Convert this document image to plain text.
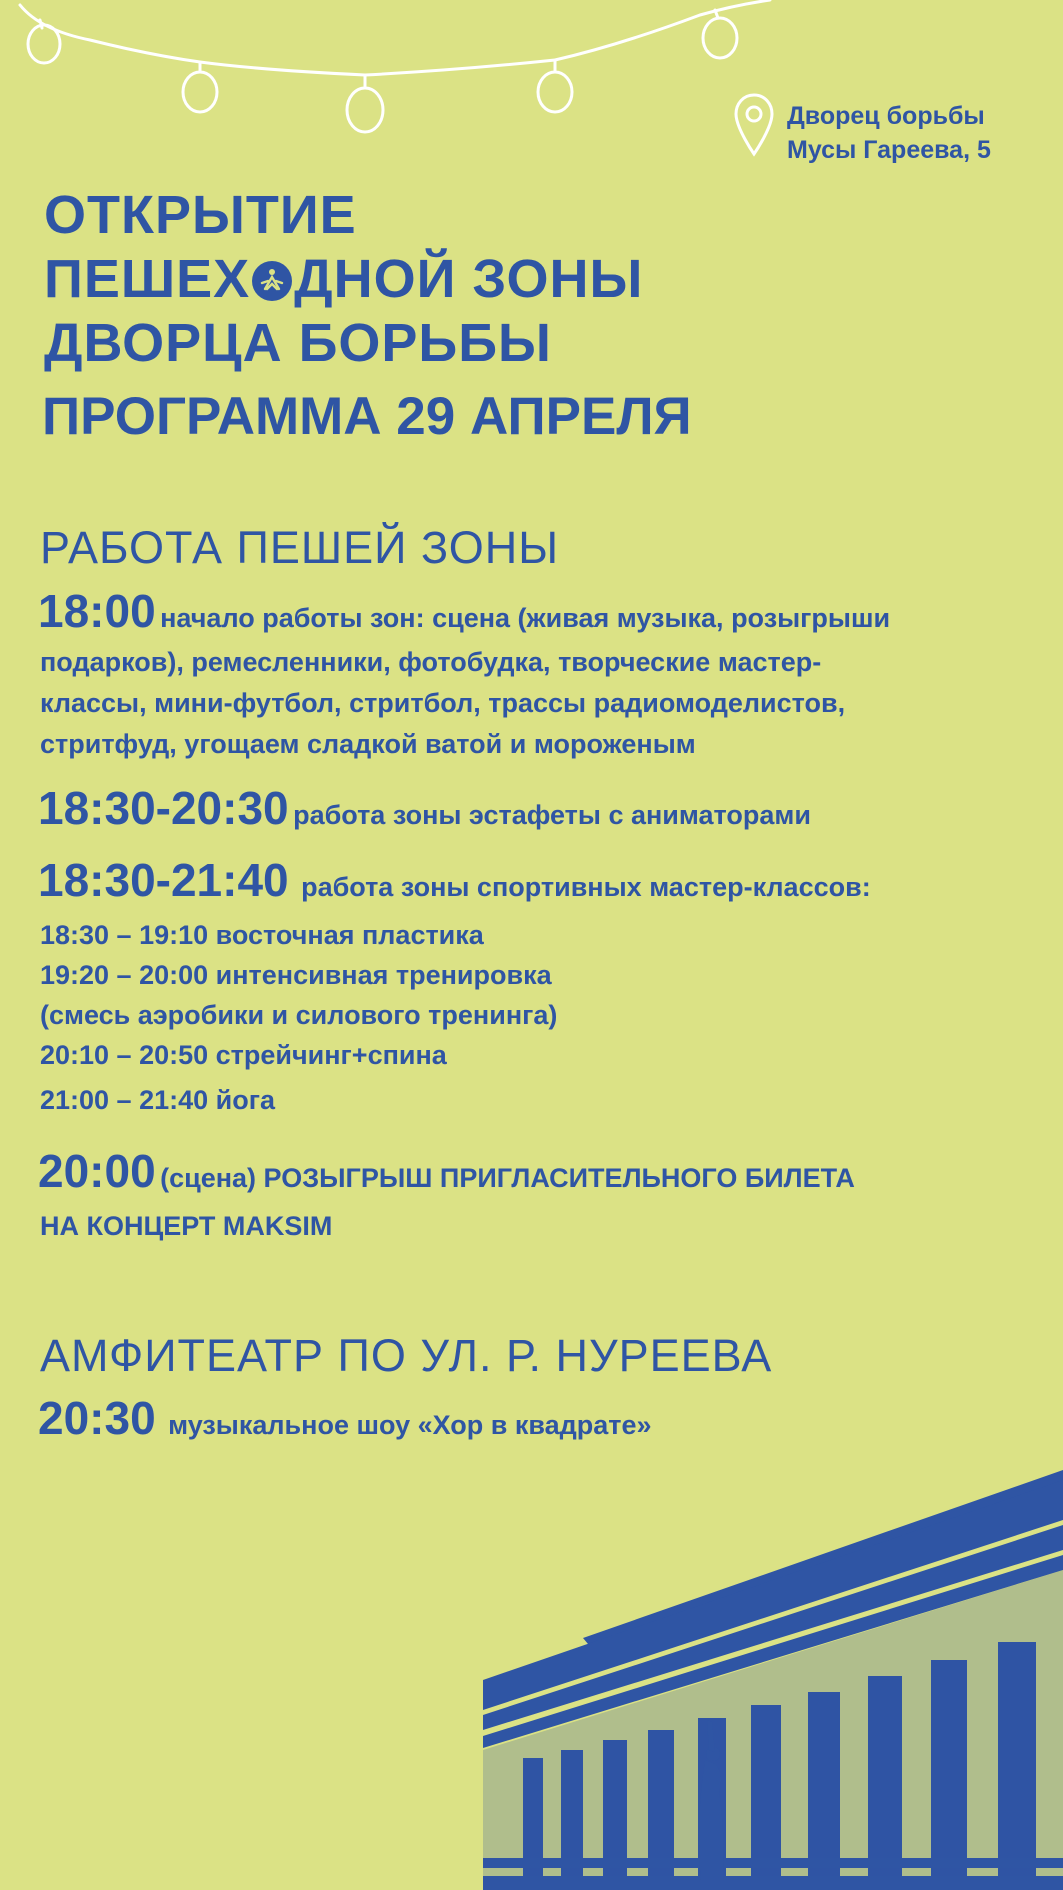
Дворец борьбы
Мусы Гареева, 5
ОТКРЫТИЕ
ПЕШЕХ ДНОЙ ЗОНЫ
ДВОРЦА БОРЬБЫ
ПРОГРАММА 29 АПРЕЛЯ
РАБОТА ПЕШЕЙ ЗОНЫ
18:00 начало работы зон: сцена (живая музыка, розыгрыши
подарков), ремесленники, фотобудка, творческие мастер-
классы, мини-футбол, стритбол, трассы радиомоделистов,
стритфуд, угощаем сладкой ватой и мороженым
18:30-20:30 работа зоны эстафеты с аниматорами
18:30-21:40 работа зоны спортивных мастер-классов:
18:30 – 19:10 восточная пластика
19:20 – 20:00 интенсивная тренировка
(смесь аэробики и силового тренинга)
20:10 – 20:50 стрейчинг+спина
21:00 – 21:40 йога
20:00 (сцена) РОЗЫГРЫШ ПРИГЛАСИТЕЛЬНОГО БИЛЕТА
НА КОНЦЕРТ MAKSIM
АМФИТЕАТР ПО УЛ. Р. НУРЕЕВА
20:30 музыкальное шоу «Хор в квадрате»
